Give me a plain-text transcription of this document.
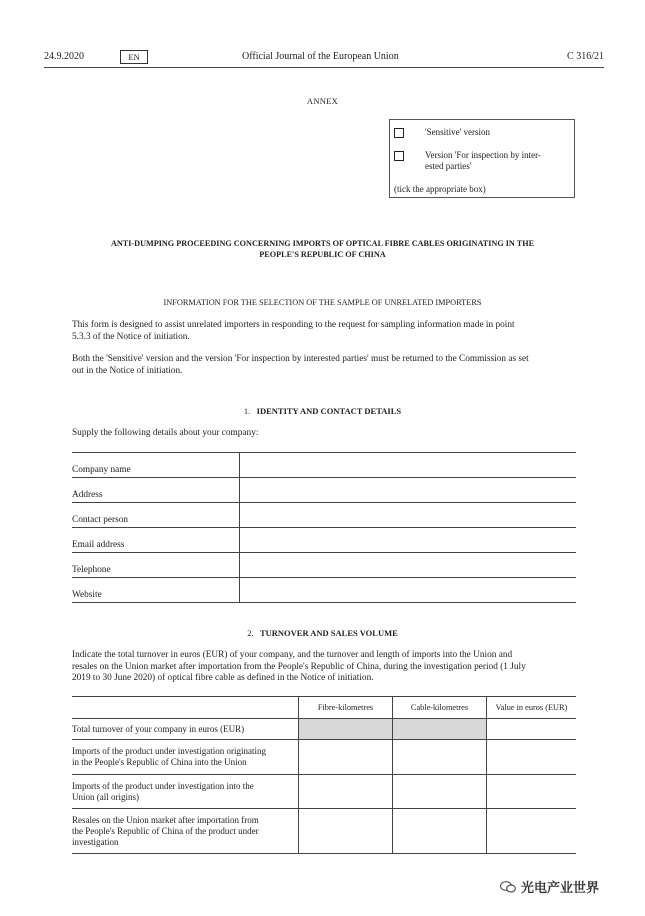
24.9.2020	EN	Official Journal of the European Union	C 316/21
ANNEX
'Sensitive' version
Version 'For inspection by inter-
ested parties'
(tick the appropriate box)
ANTI-DUMPING PROCEEDING CONCERNING IMPORTS OF OPTICAL FIBRE CABLES ORIGINATING IN THE
PEOPLE'S REPUBLIC OF CHINA
INFORMATION FOR THE SELECTION OF THE SAMPLE OF UNRELATED IMPORTERS
This form is designed to assist unrelated importers in responding to the request for sampling information made in point
5.3.3 of the Notice of initiation.
Both the 'Sensitive' version and the version 'For inspection by interested parties' must be returned to the Commission as set
out in the Notice of initiation.
1. IDENTITY AND CONTACT DETAILS
Supply the following details about your company:
Company name	
Address	
Contact person	
Email address	
Telephone	
Website	
2. TURNOVER AND SALES VOLUME
Indicate the total turnover in euros (EUR) of your company, and the turnover and length of imports into the Union and
resales on the Union market after importation from the People's Republic of China, during the investigation period (1 July
2019 to 30 June 2020) of optical fibre cable as defined in the Notice of initiation.
	Fibre-kilometres	Cable-kilometres	Value in euros (EUR)

Total turnover of your company in euros (EUR)			

Imports of the product under investigation originating
in the People's Republic of China into the Union			

Imports of the product under investigation into the
Union (all origins)			

Resales on the Union market after importation from
the People's Republic of China of the product under
investigation			

光电产业世界
